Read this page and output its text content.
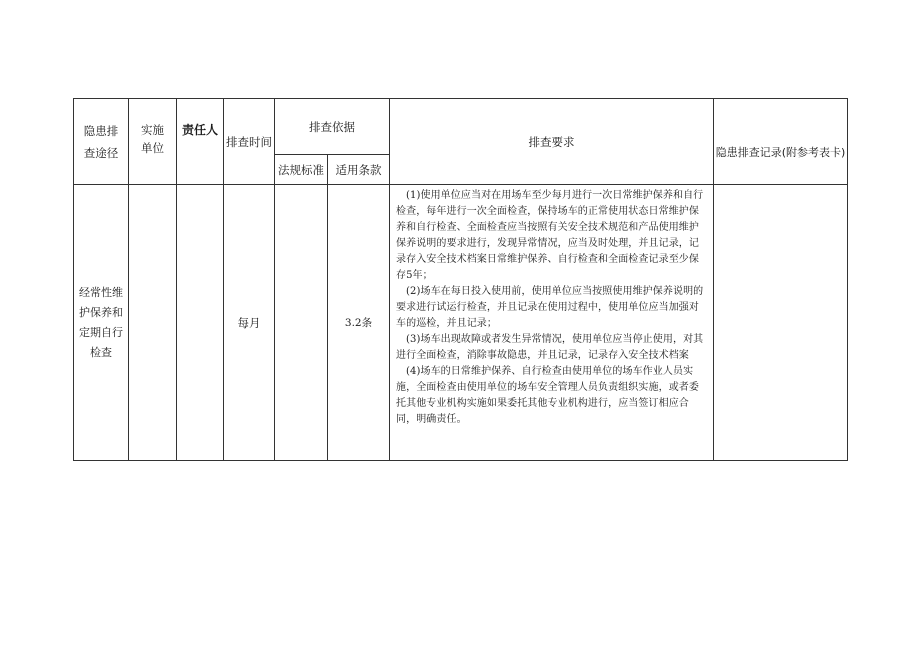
隐患排查途径	实施单位	责任人	排查时间	排查依据		排查要求	隐患排查记录(附参考表卡)
				法规标准	适用条款		
经常性维护保养和定期自行检查			每月		3.2条	(1)使用单位应当对在用场车至少每月进行一次日常维护保养和自行检查，每年进行一次全面检查，保持场车的正常使用状态日常维护保养和自行检查、全面检查应当按照有关安全技术规范和产品使用维护保养说明的要求进行，发现异常情况，应当及时处理，并且记录，记录存入安全技术档案日常维护保养、自行检查和全面检查记录至少保存5年；

(2)场车在每日投入使用前，使用单位应当按照使用维护保养说明的要求进行试运行检查，并且记录在使用过程中，使用单位应当加强对车的巡检，并且记录；

(3)场车出现故障或者发生异常情况，使用单位应当停止使用，对其进行全面检查，消除事故隐患，并且记录，记录存入安全技术档案

(4)场车的日常维护保养、自行检查由使用单位的场车作业人员实施，全面检查由使用单位的场车安全管理人员负责组织实施，或者委托其他专业机构实施如果委托其他专业机构进行，应当签订相应合同，明确责任。	
